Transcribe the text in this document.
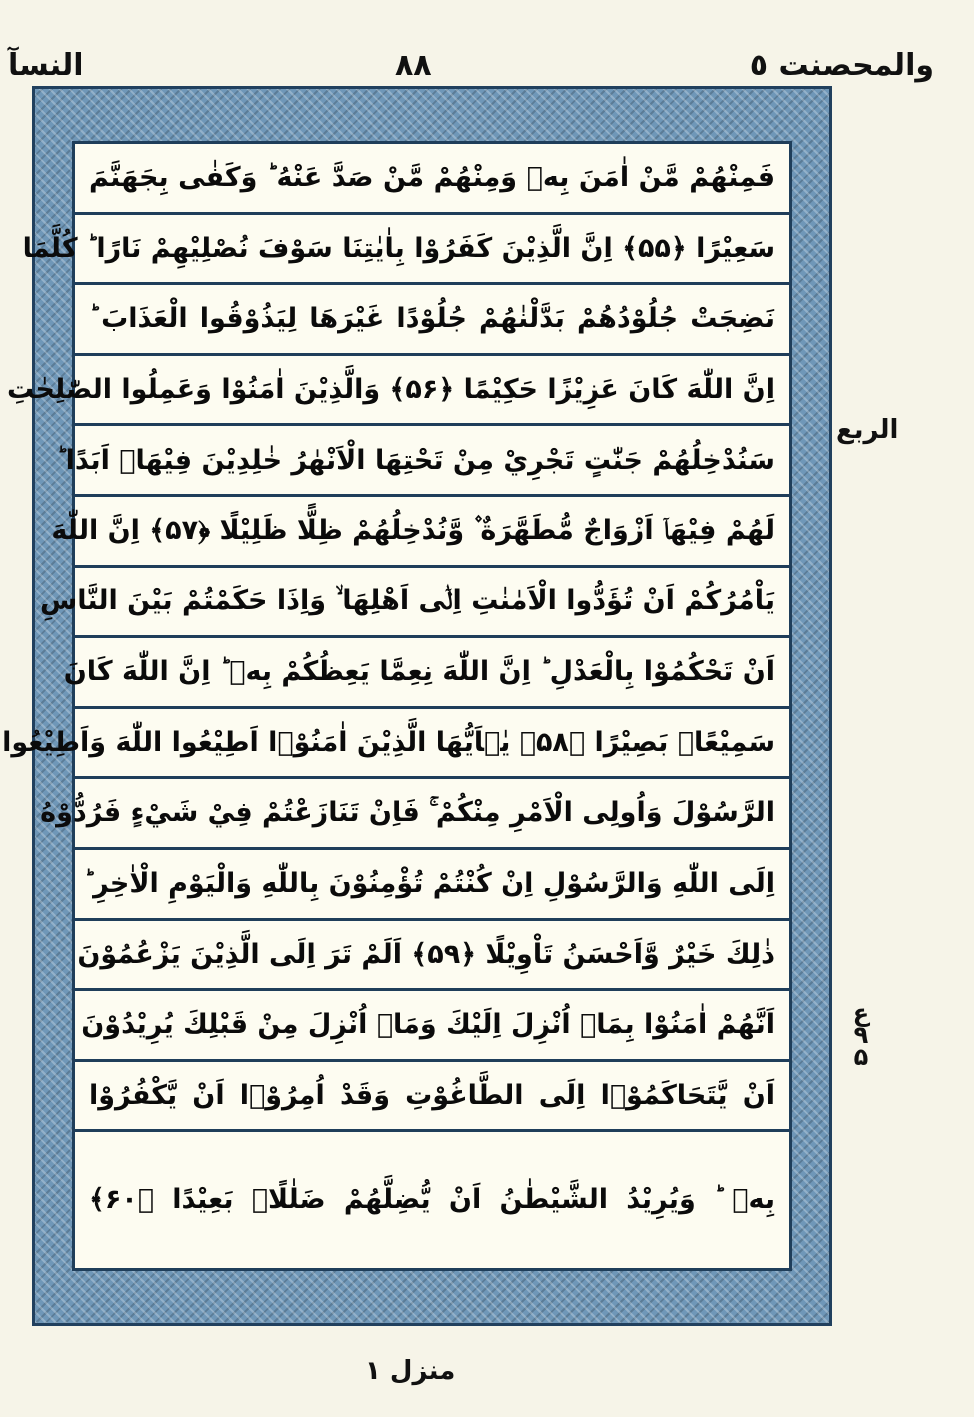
والمحصنت ٥
٨٨
النسآ
فَمِنْهُمْ مَّنْ اٰمَنَ بِهٖ وَمِنْهُمْ مَّنْ صَدَّ عَنْهُ ؕ وَكَفٰى بِجَهَنَّمَ
سَعِيْرًا ﴿۵۵﴾ اِنَّ الَّذِيْنَ كَفَرُوْا بِاٰيٰتِنَا سَوْفَ نُصْلِيْهِمْ نَارًا ؕ كُلَّمَا
نَضِجَتْ جُلُوْدُهُمْ بَدَّلْنٰهُمْ جُلُوْدًا غَيْرَهَا لِيَذُوْقُوا الْعَذَابَ ؕ
اِنَّ اللّٰهَ كَانَ عَزِيْزًا حَكِيْمًا ﴿۵۶﴾ وَالَّذِيْنَ اٰمَنُوْا وَعَمِلُوا الصّٰلِحٰتِ
سَنُدْخِلُهُمْ جَنّٰتٍ تَجْرِيْ مِنْ تَحْتِهَا الْاَنْهٰرُ خٰلِدِيْنَ فِيْهَاۤ اَبَدًا ؕ
لَهُمْ فِيْهَاۤ اَزْوَاجٌ مُّطَهَّرَةٌ ۫ وَّنُدْخِلُهُمْ ظِلًّا ظَلِيْلًا ﴿۵۷﴾ اِنَّ اللّٰهَ
يَاْمُرُكُمْ اَنْ تُؤَدُّوا الْاَمٰنٰتِ اِلٰۤى اَهْلِهَا ۙ وَاِذَا حَكَمْتُمْ بَيْنَ النَّاسِ
اَنْ تَحْكُمُوْا بِالْعَدْلِ ؕ اِنَّ اللّٰهَ نِعِمَّا يَعِظُكُمْ بِهٖ ؕ اِنَّ اللّٰهَ كَانَ
سَمِيْعًاۢ بَصِيْرًا ﴿۵۸﴾ يٰۤاَيُّهَا الَّذِيْنَ اٰمَنُوْۤا اَطِيْعُوا اللّٰهَ وَاَطِيْعُوا
الرَّسُوْلَ وَاُولِى الْاَمْرِ مِنْكُمْ ۚ فَاِنْ تَنَازَعْتُمْ فِيْ شَيْءٍ فَرُدُّوْهُ
اِلَى اللّٰهِ وَالرَّسُوْلِ اِنْ كُنْتُمْ تُؤْمِنُوْنَ بِاللّٰهِ وَالْيَوْمِ الْاٰخِرِ ؕ
ذٰلِكَ خَيْرٌ وَّاَحْسَنُ تَاْوِيْلًا ﴿۵۹﴾ اَلَمْ تَرَ اِلَى الَّذِيْنَ يَزْعُمُوْنَ
اَنَّهُمْ اٰمَنُوْا بِمَاۤ اُنْزِلَ اِلَيْكَ وَمَاۤ اُنْزِلَ مِنْ قَبْلِكَ يُرِيْدُوْنَ
اَنْ يَّتَحَاكَمُوْۤا اِلَى الطَّاغُوْتِ وَقَدْ اُمِرُوْۤا اَنْ يَّكْفُرُوْا
بِهٖ ؕ وَيُرِيْدُ الشَّيْطٰنُ اَنْ يُّضِلَّهُمْ ضَلٰلًاۢ بَعِيْدًا ﴿۶۰﴾
الربع
ع ۹ ۵
منزل ۱
